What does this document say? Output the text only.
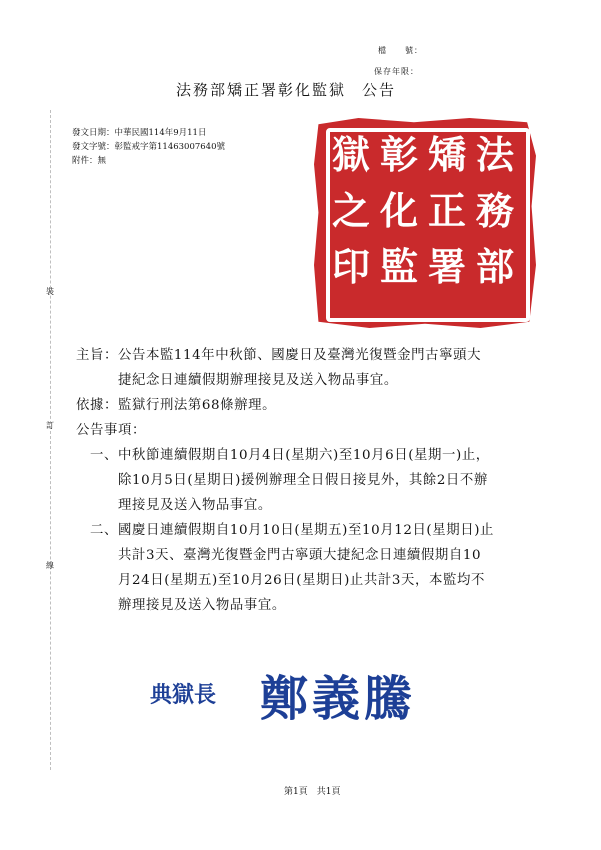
檔　　號：
保存年限：
法務部矯正署彰化監獄 公告
發文日期：中華民國114年9月11日
發文字號：彰監戒字第11463007640號
附件：無
裝
訂
線
法
務
部
矯
正
署
彰
化
監
獄
之
印
主旨：公告本監114年中秋節、國慶日及臺灣光復暨金門古寧頭大
捷紀念日連續假期辦理接見及送入物品事宜。
依據：監獄行刑法第68條辦理。
公告事項：
一、中秋節連續假期自10月4日(星期六)至10月6日(星期一)止，
除10月5日(星期日)援例辦理全日假日接見外，其餘2日不辦
理接見及送入物品事宜。
二、國慶日連續假期自10月10日(星期五)至10月12日(星期日)止
共計3天、臺灣光復暨金門古寧頭大捷紀念日連續假期自10
月24日(星期五)至10月26日(星期日)止共計3天，本監均不
辦理接見及送入物品事宜。
典獄長 鄭義騰
第1頁　共1頁
